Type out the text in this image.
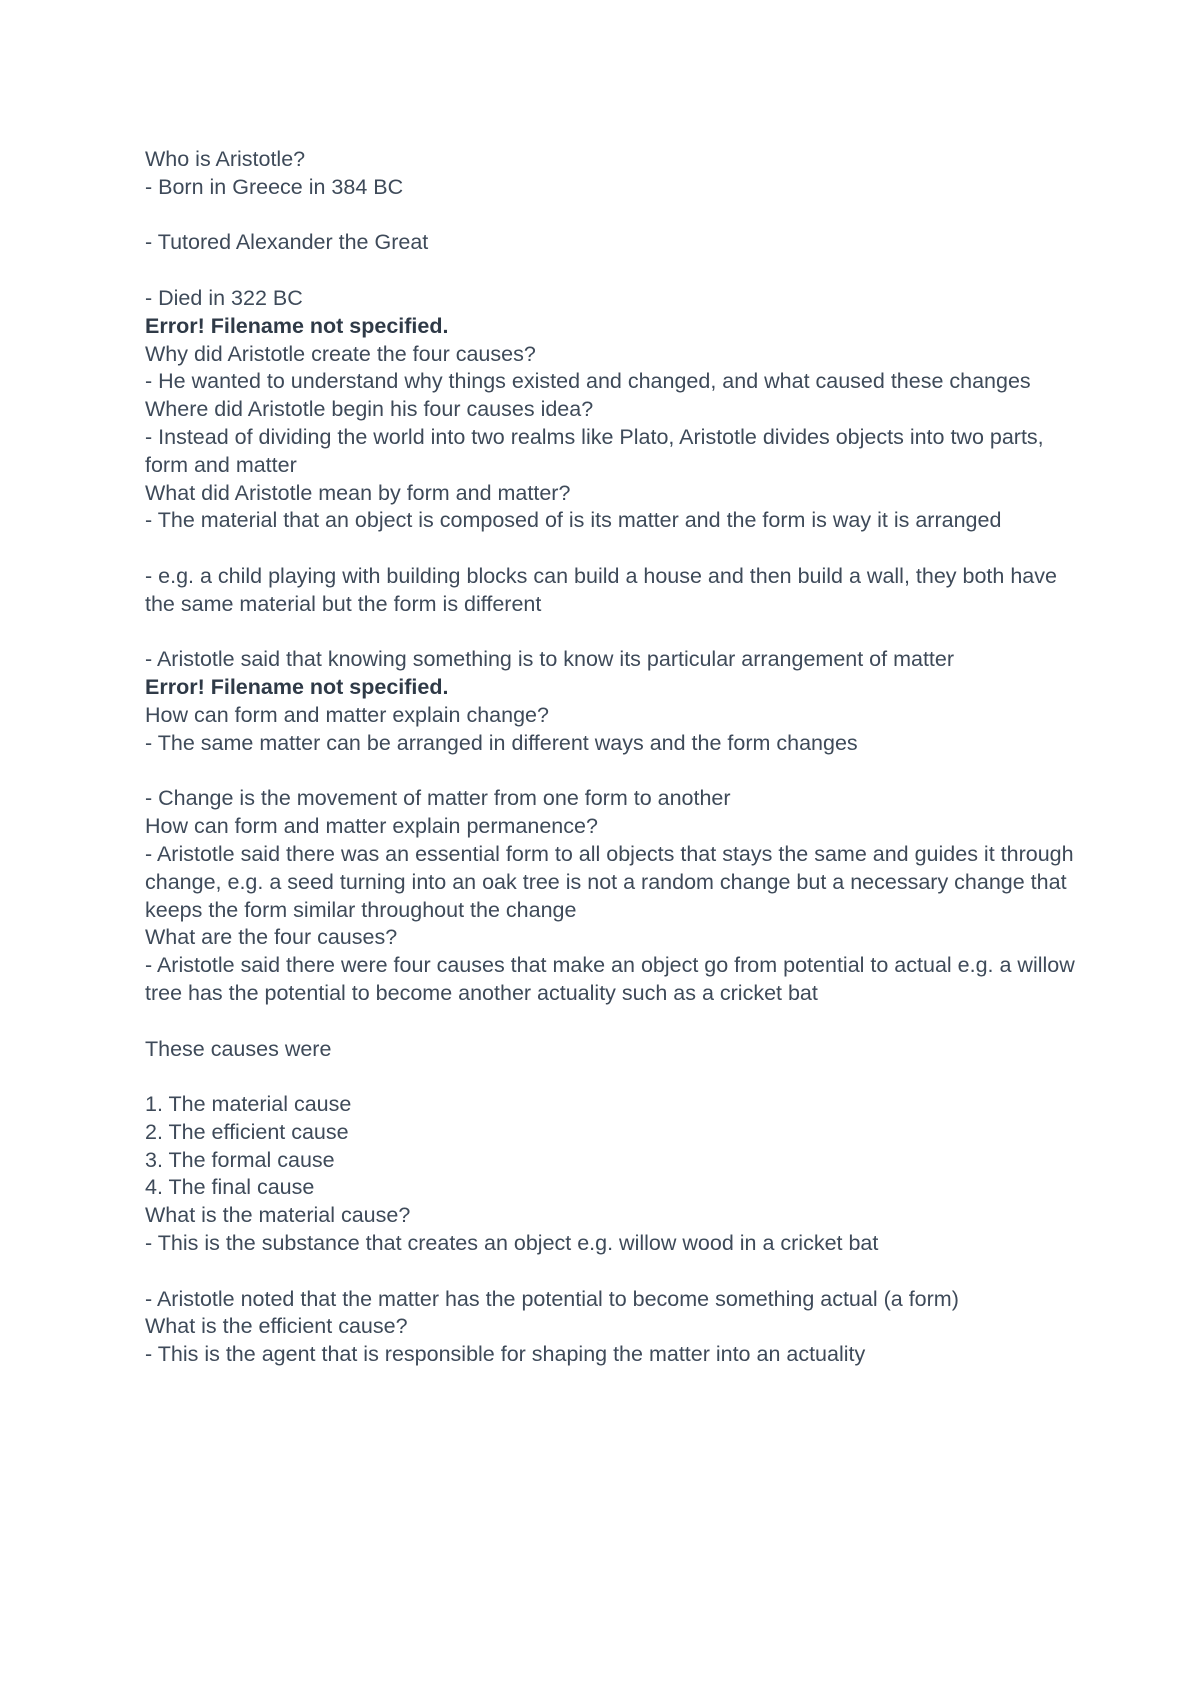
Who is Aristotle?
- Born in Greece in 384 BC
- Tutored Alexander the Great
- Died in 322 BC
Error! Filename not specified.
Why did Aristotle create the four causes?
- He wanted to understand why things existed and changed, and what caused these changes
Where did Aristotle begin his four causes idea?
- Instead of dividing the world into two realms like Plato, Aristotle divides objects into two parts, form and matter
What did Aristotle mean by form and matter?
- The material that an object is composed of is its matter and the form is way it is arranged
- e.g. a child playing with building blocks can build a house and then build a wall, they both have the same material but the form is different
- Aristotle said that knowing something is to know its particular arrangement of matter
Error! Filename not specified.
How can form and matter explain change?
- The same matter can be arranged in different ways and the form changes
- Change is the movement of matter from one form to another
How can form and matter explain permanence?
- Aristotle said there was an essential form to all objects that stays the same and guides it through change, e.g. a seed turning into an oak tree is not a random change but a necessary change that keeps the form similar throughout the change
What are the four causes?
- Aristotle said there were four causes that make an object go from potential to actual e.g. a willow tree has the potential to become another actuality such as a cricket bat
These causes were
1. The material cause
2. The efficient cause
3. The formal cause
4. The final cause
What is the material cause?
- This is the substance that creates an object e.g. willow wood in a cricket bat
- Aristotle noted that the matter has the potential to become something actual (a form)
What is the efficient cause?
- This is the agent that is responsible for shaping the matter into an actuality
